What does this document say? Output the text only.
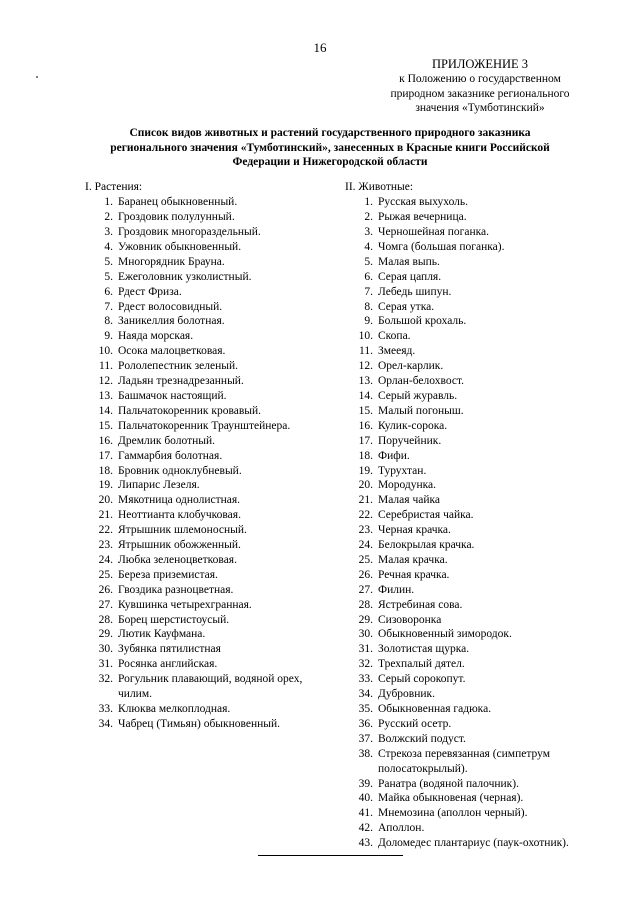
16
ПРИЛОЖЕНИЕ 3
к Положению о государственном
природном заказнике регионального
значения «Тумботинский»
Список видов животных и растений государственного природного заказника
регионального значения «Тумботинский», занесенных в Красные книги Российской
Федерации и Нижегородской области
I. Растения:
1. Баранец обыкновенный.
2. Гроздовик полулунный.
3. Гроздовик многораздельный.
4. Ужовник обыкновенный.
5. Многорядник Брауна.
5. Ежеголовник узколистный.
6. Рдест Фриза.
7. Рдест волосовидный.
8. Заникеллия болотная.
9. Наяда морская.
10. Осока малоцветковая.
11. Pололепестник зеленый.
12. Ладьян трезнадрезанный.
13. Башмачок настоящий.
14. Пальчатокоренник кровавый.
15. Пальчатокоренник Траунштейнера.
16. Дремлик болотный.
17. Гаммарбия болотная.
18. Бровник одноклубневый.
19. Липарис Лезеля.
20. Мякотница однолистная.
21. Неоттианта клобучковая.
22. Ятрышник шлемоносный.
23. Ятрышник обожженный.
24. Любка зеленоцветковая.
25. Береза приземистая.
26. Гвоздика разноцветная.
27. Кувшинка четырехгранная.
28. Борец шерстистоусый.
29. Лютик Кауфмана.
30. Зубянка пятилистная
31. Росянка английская.
32. Рогульник плавающий, водяной орех,
чилим.
33. Клюква мелкоплодная.
34. Чабрец (Тимьян) обыкновенный.
II. Животные:
1. Русская выхухоль.
2. Рыжая вечерница.
3. Черношейная поганка.
4. Чомга (большая поганка).
5. Малая выпь.
6. Серая цапля.
7. Лебедь шипун.
8. Серая утка.
9. Большой крохаль.
10. Скопа.
11. Змееяд.
12. Орел-карлик.
13. Орлан-белохвост.
14. Серый журавль.
15. Малый погоныш.
16. Кулик-сорока.
17. Поручейник.
18. Фифи.
19. Турухтан.
20. Мородунка.
21. Малая чайка
22. Серебристая чайка.
23. Черная крачка.
24. Белокрылая крачка.
25. Малая крачка.
26. Речная крачка.
27. Филин.
28. Ястребиная сова.
29. Сизоворонка
30. Обыкновенный зимородок.
31. Золотистая щурка.
32. Трехпалый дятел.
33. Серый сорокопут.
34. Дубровник.
35. Обыкновенная гадюка.
36. Русский осетр.
37. Волжский подуст.
38. Стрекоза перевязанная (симпетрум
полосатокрылый).
39. Ранатра (водяной палочник).
40. Майка обыкновеная (черная).
41. Мнемозина (аполлон черный).
42. Аполлон.
43. Доломедес плантариус (паук-охотник).
